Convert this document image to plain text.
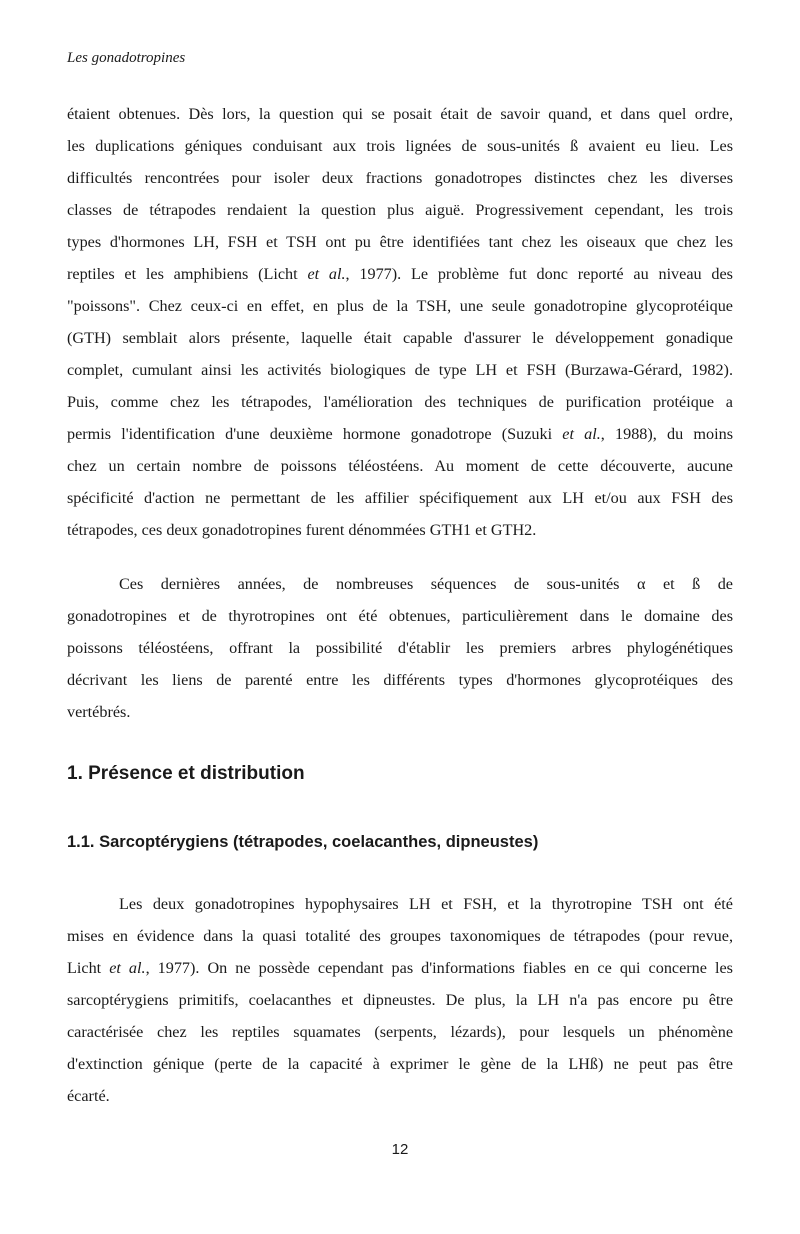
Les gonadotropines
étaient obtenues. Dès lors, la question qui se posait était de savoir quand, et dans quel ordre,
les duplications géniques conduisant aux trois lignées de sous-unités ß avaient eu lieu. Les
difficultés rencontrées pour isoler deux fractions gonadotropes distinctes chez les diverses
classes de tétrapodes rendaient la question plus aiguë. Progressivement cependant, les trois
types d'hormones LH, FSH et TSH ont pu être identifiées tant chez les oiseaux que chez les
reptiles et les amphibiens (Licht et al., 1977). Le problème fut donc reporté au niveau des
"poissons". Chez ceux-ci en effet, en plus de la TSH, une seule gonadotropine glycoprotéique
(GTH) semblait alors présente, laquelle était capable d'assurer le développement gonadique
complet, cumulant ainsi les activités biologiques de type LH et FSH (Burzawa-Gérard, 1982).
Puis, comme chez les tétrapodes, l'amélioration des techniques de purification protéique a
permis l'identification d'une deuxième hormone gonadotrope (Suzuki et al., 1988), du moins
chez un certain nombre de poissons téléostéens. Au moment de cette découverte, aucune
spécificité d'action ne permettant de les affilier spécifiquement aux LH et/ou aux FSH des
tétrapodes, ces deux gonadotropines furent dénommées GTH1 et GTH2.
Ces dernières années, de nombreuses séquences de sous-unités α et ß de
gonadotropines et de thyrotropines ont été obtenues, particulièrement dans le domaine des
poissons téléostéens, offrant la possibilité d'établir les premiers arbres phylogénétiques
décrivant les liens de parenté entre les différents types d'hormones glycoprotéiques des
vertébrés.
1. Présence et distribution
1.1. Sarcoptérygiens (tétrapodes, coelacanthes, dipneustes)
Les deux gonadotropines hypophysaires LH et FSH, et la thyrotropine TSH ont été
mises en évidence dans la quasi totalité des groupes taxonomiques de tétrapodes (pour revue,
Licht et al., 1977). On ne possède cependant pas d'informations fiables en ce qui concerne les
sarcoptérygiens primitifs, coelacanthes et dipneustes. De plus, la LH n'a pas encore pu être
caractérisée chez les reptiles squamates (serpents, lézards), pour lesquels un phénomène
d'extinction génique (perte de la capacité à exprimer le gène de la LHß) ne peut pas être
écarté.
12
